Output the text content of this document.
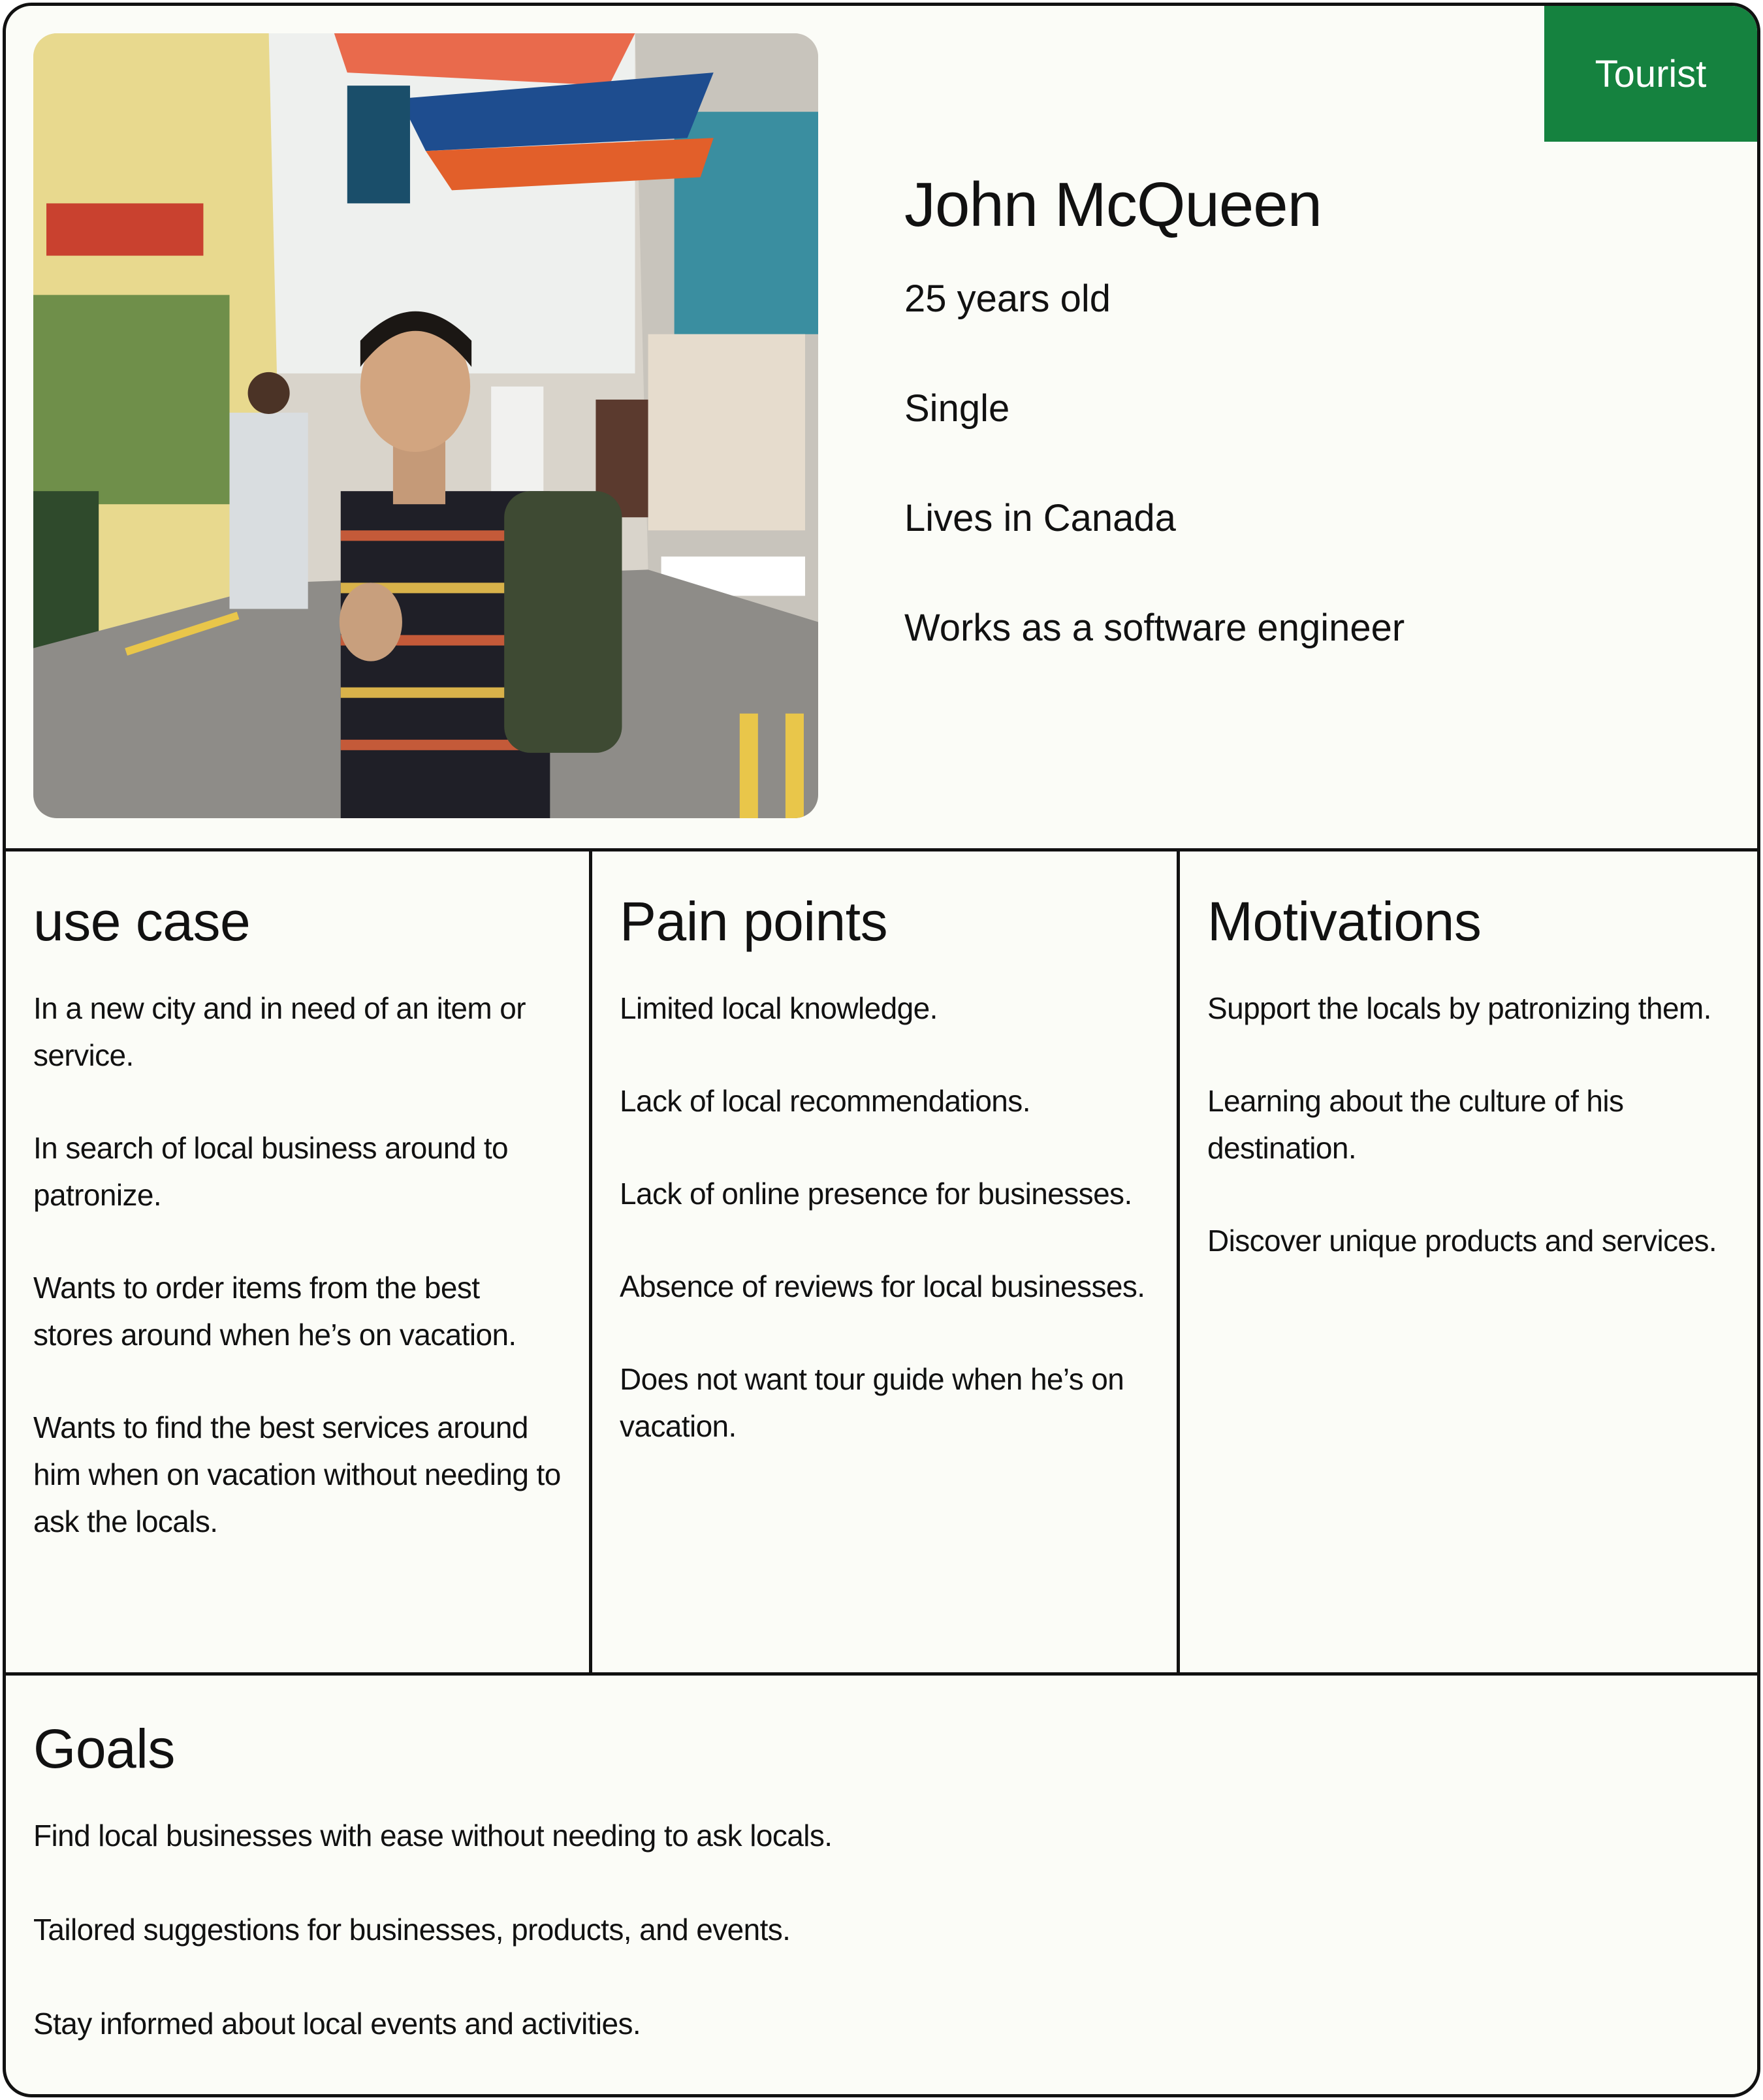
Tourist
John McQueen
25 years old
Single
Lives in Canada
Works as a software engineer
use case
In a new city and in need of an item or service.
In search of local business around to patronize.
Wants to order items from the best stores around when he’s on vacation.
Wants to find the best services around him when on vacation without needing to ask the locals.
Pain points
Limited local knowledge.
Lack of local recommendations.
Lack of online presence for businesses.
Absence of reviews for local businesses.
Does not want tour guide when he’s on vacation.
Motivations
Support the locals by patronizing them.
Learning about the culture of his destination.
Discover unique products and services.
Goals
Find local businesses with ease without needing to ask locals.
Tailored suggestions for businesses, products, and events.
Stay informed about local events and activities.
